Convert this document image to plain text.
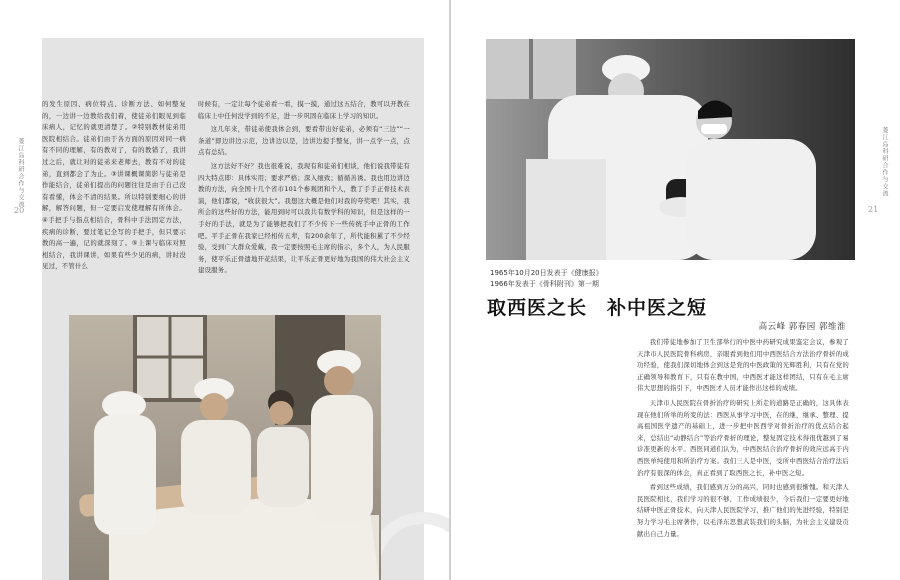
菱江岛科研合作与交流
20

的发生原因、病位特点、诊断方法、如何整复的，一边讲一边教给我们着，使徒弟们眼见到临床病人，记忆的就更清楚了。②特别教材徒弟用医院相结合。徒弟们由于各方面的原因对同一病有不同的理解，有的教对了，有的教错了，我讲过之后，就让对的徒弟来老师去，教有不对的徒弟，直到都会了为止。③讲课概课简影与徒弟是作能结合，徒弟们提出的问题往往是由于自己没有看懂，体会不清的结果。所以特别要细心的讲解，解答问题，但一定要启发使理解有所体会。④手把手与指点相结合，骨科中手法固定方法，疾病的诊断，要过笔记全写的手把手，但只要示教的高一遍，记的就深刻了。⑤上课与临床对照相结合，我讲课讲，如果有些少见的病，讲时没见过，不管什么

时候有，一定让每个徒弟看一看，摸一摸，通过这五结合，教可以开教在临床上中任何没学到的不足，进一步巩固在临床上学习的知识。

这几年来，带徒弟使我体会到，要看带出好徒弟，必须有“三边”“一条道”即边讲边示范，边讲边以是，边讲边提手整复，讲一点学一点，点点有总结。

这方法好不好？我也很难说，我现有和徒弟们相谈，他们说我带徒有四大特点即：具体实用；要求严格；深入细致；循循善诱。我也用边讲边教的方法，向全国十几个省市101个参观团和个人，教了手手正骨技术表演，他们都说，“收获很大”。我想这大概是他们对我的夸奖吧！其实，我所会的这些好的方法，能用到时可以我共有数学科的知识，但是这样的一手好的手法，就是为了能够把我们了不少传下一些传统手中正骨的工作吧。平手正骨在我家已经相传五辈，有200余年了，所代能积累了不少经验，受到广大群众爱戴，我一定要按照毛主席的指示，多个人，为人民服务，使平乐正骨遗地开花结果，让平乐正骨更好地为我国的伟大社会主义建设服务。

菱江岛科研合作与交流
21
1965年10月20日发表于《健康报》
1966年发表于《骨科附刊》第一期
取西医之长　补中医之短
高云峰 郭春园 郭维淮

我们带徒地参加了卫生部举行的中医中药研究成果鉴定会议，参观了天津市人民医院骨科病房，亲眼看到他们用中西医结合方法治疗骨折的成功经验，使我们深切地体会到这是党的中医政策的光辉胜利，只有在党的正确领导和教育下，只有在教中国，中西医才能这样团结，只有在毛主席伟大思想的指引下，中西医才人员才能作出这样的成绩。

天津市人民医院在骨折治疗的研究上所走的道路是正确的，这具体表现在他们所举的所变的法：西医从事学习中医，在的继，继承、整理、提高祖国医学遗产的基础上，进一步把中医西学对骨折治疗的优点结合起来，总结出“动静结合”等治疗骨折的理论，整复固定技术得很优越到了易诊准更新的水平。西医同道们认为，中西医结合治疗骨折的效应远高于内西医单纯使用和所治疗方案。我们三人是中医，受所中西医结合治疗法后治疗有很深的体会，真正看到了取西医之长，补中医之短。

看到这些成绩，我们感到万分的高兴，同时也感到很惭愧。和天津人民医院相比，我们学习的很不够，工作成绩很少，今后我们一定要更好地结研中医正骨技术，向天津人民医院学习，推广他们的先进经验，特别是努力学习毛主席著作，以毛泽东思想武装我们的头脑，为社会主义建设贡献出自己力量。
